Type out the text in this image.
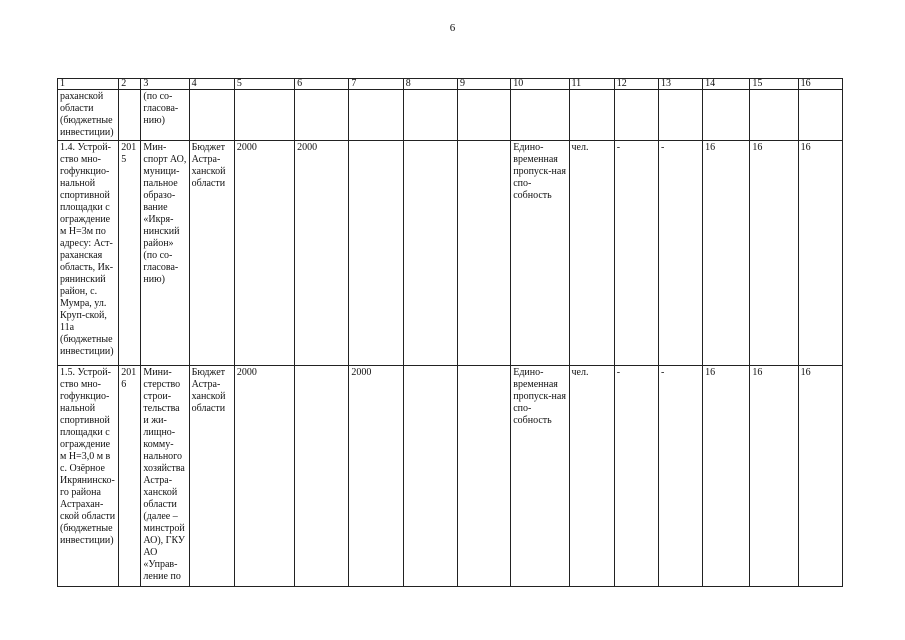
6
1	2	3	4	5	6	7	8	9	10	11	12	13	14	15	16
раханской области (бюджетные инвестиции)		(по со-гласова-нию)													
1.4. Устрой-ство мно-гофункцио-нальной спортивной площадки с ограждением Н=3м по адресу: Аст-раханская область, Ик-рянинский район, с. Мумра, ул. Круп-ской, 11а (бюджетные инвестиции)	2015	Мин-спорт АО, муници-пальное образо-вание «Икря-нинский район» (по со-гласова-нию)	Бюджет Астра-ханской области	2000	2000				Едино-временная пропуск-ная спо-собность	чел.	-	-	16	16	16
1.5. Устрой-ство мно-гофункцио-нальной спортивной площадки с ограждением Н=3,0 м в с. Озёрное Икрянинско-го района Астрахан-ской области (бюджетные инвестиции)	2016	Мини-стерство строи-тельства и жи-лищно-комму-нального хозяйства Астра-ханской области (далее – минстрой АО), ГКУ АО «Управ-ление по	Бюджет Астра-ханской области	2000		2000			Едино-временная пропуск-ная спо-собность	чел.	-	-	16	16	16
